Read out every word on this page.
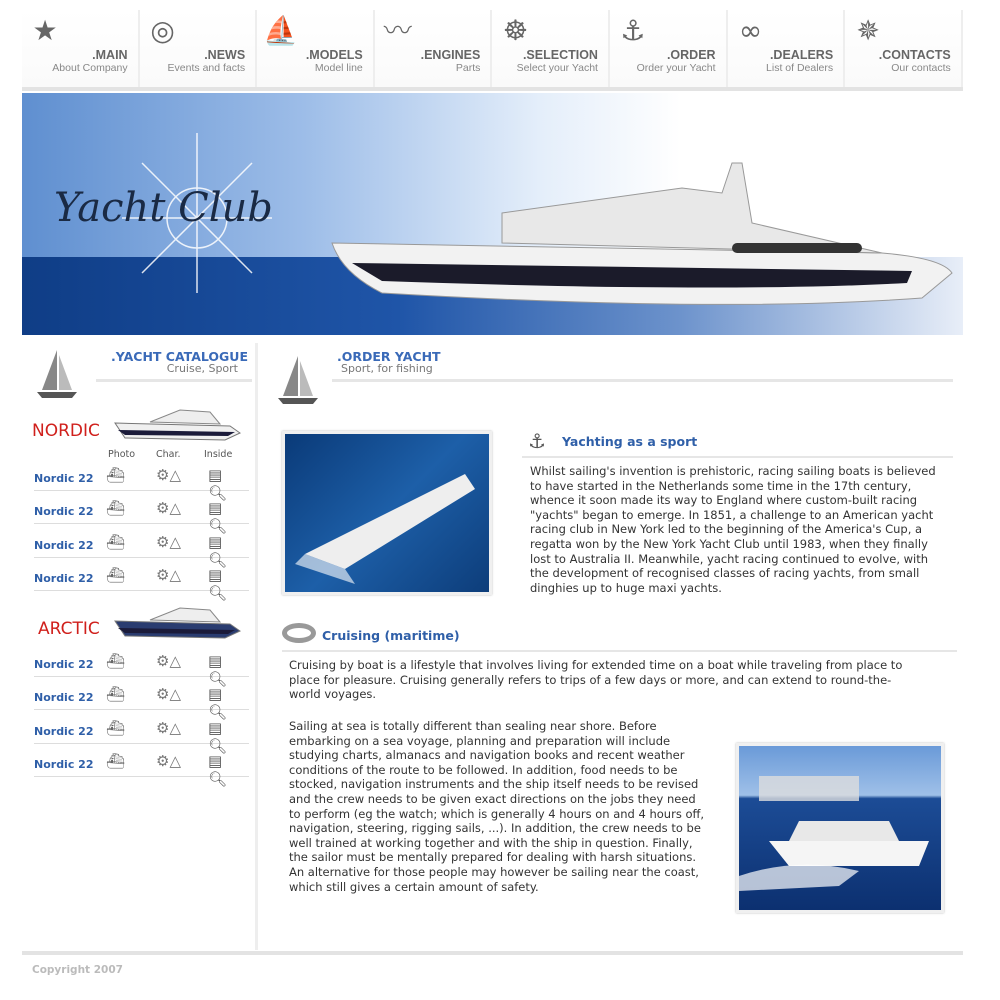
★
.MAIN
About Company
◎
.NEWS
Events and facts
⛵
.MODELS
Model line
〰
.ENGINES
Parts
☸
.SELECTION
Select your Yacht
⚓
.ORDER
Order your Yacht
∞
.DEALERS
List of Dealers
✵
.CONTACTS
Our contacts
Yacht Club
.YACHT CATALOGUE
Cruise, Sport
NORDIC
Photo Char. Inside
Nordic 22 ⛴	⚙△ ▤🔍︎
Nordic 22 ⛴	⚙△ ▤🔍︎
Nordic 22 ⛴	⚙△ ▤🔍︎
Nordic 22 ⛴	⚙△ ▤🔍︎
ARCTIC
Nordic 22 ⛴	⚙△ ▤🔍︎
Nordic 22 ⛴	⚙△ ▤🔍︎
Nordic 22 ⛴	⚙△ ▤🔍︎
Nordic 22 ⛴	⚙△ ▤🔍︎
.ORDER YACHT
Sport, for fishing
⚓ Yachting as a sport
Whilst sailing's invention is prehistoric, racing sailing boats is believed to have started in the Netherlands some time in the 17th century, whence it soon made its way to England where custom-built racing "yachts" began to emerge. In 1851, a challenge to an American yacht racing club in New York led to the beginning of the America's Cup, a regatta won by the New York Yacht Club until 1983, when they finally lost to Australia II. Meanwhile, yacht racing continued to evolve, with the development of recognised classes of racing yachts, from small dinghies up to huge maxi yachts.
Cruising (maritime)
Cruising by boat is a lifestyle that involves living for extended time on a boat while traveling from place to place for pleasure. Cruising generally refers to trips of a few days or more, and can extend to round-the-world voyages.
Sailing at sea is totally different than sealing near shore. Before embarking on a sea voyage, planning and preparation will include studying charts, almanacs and navigation books and recent weather conditions of the route to be followed. In addition, food needs to be stocked, navigation instruments and the ship itself needs to be revised and the crew needs to be given exact directions on the jobs they need to perform (eg the watch; which is generally 4 hours on and 4 hours off, navigation, steering, rigging sails, ...). In addition, the crew needs to be well trained at working together and with the ship in question. Finally, the sailor must be mentally prepared for dealing with harsh situations. An alternative for those people may however be sailing near the coast, which still gives a certain amount of safety.
Copyright 2007
